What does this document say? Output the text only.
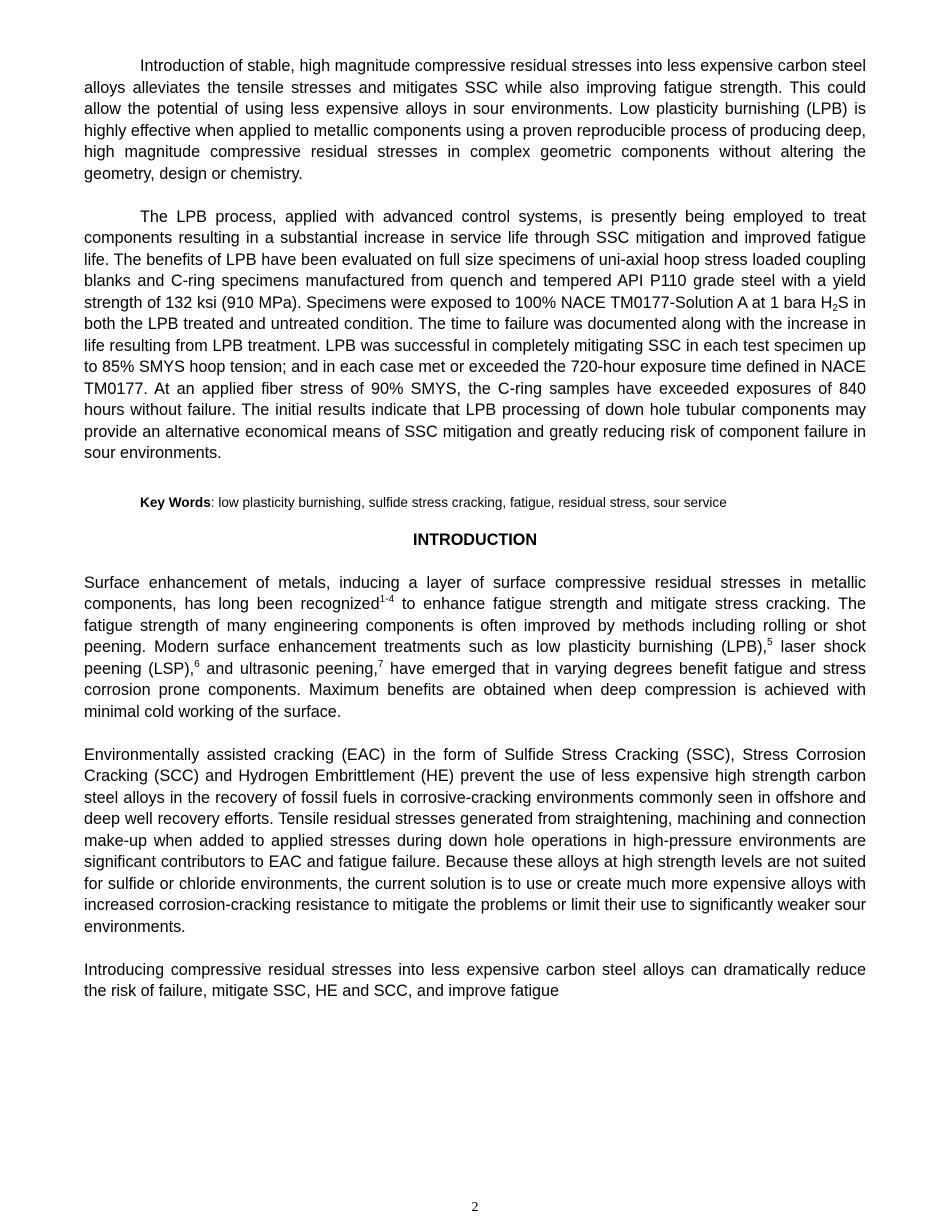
Introduction of stable, high magnitude compressive residual stresses into less expensive carbon steel alloys alleviates the tensile stresses and mitigates SSC while also improving fatigue strength. This could allow the potential of using less expensive alloys in sour environments. Low plasticity burnishing (LPB) is highly effective when applied to metallic components using a proven reproducible process of producing deep, high magnitude compressive residual stresses in complex geometric components without altering the geometry, design or chemistry.

The LPB process, applied with advanced control systems, is presently being employed to treat components resulting in a substantial increase in service life through SSC mitigation and improved fatigue life. The benefits of LPB have been evaluated on full size specimens of uni-axial hoop stress loaded coupling blanks and C-ring specimens manufactured from quench and tempered API P110 grade steel with a yield strength of 132 ksi (910 MPa). Specimens were exposed to 100% NACE TM0177-Solution A at 1 bara $H_2S$ in both the LPB treated and untreated condition. The time to failure was documented along with the increase in life resulting from LPB treatment. LPB was successful in completely mitigating SSC in each test specimen up to 85% SMYS hoop tension; and in each case met or exceeded the 720-hour exposure time defined in NACE TM0177. At an applied fiber stress of 90% SMYS, the C-ring samples have exceeded exposures of 840 hours without failure. The initial results indicate that LPB processing of down hole tubular components may provide an alternative economical means of SSC mitigation and greatly reducing risk of component failure in sour environments.

Key Words: low plasticity burnishing, sulfide stress cracking, fatigue, residual stress, sour service
INTRODUCTION

Surface enhancement of metals, inducing a layer of surface compressive residual stresses in metallic components, has long been recognized$^{1-4}$ to enhance fatigue strength and mitigate stress cracking. The fatigue strength of many engineering components is often improved by methods including rolling or shot peening. Modern surface enhancement treatments such as low plasticity burnishing (LPB),$^5$ laser shock peening (LSP),$^6$ and ultrasonic peening,$^7$ have emerged that in varying degrees benefit fatigue and stress corrosion prone components. Maximum benefits are obtained when deep compression is achieved with minimal cold working of the surface.

Environmentally assisted cracking (EAC) in the form of Sulfide Stress Cracking (SSC), Stress Corrosion Cracking (SCC) and Hydrogen Embrittlement (HE) prevent the use of less expensive high strength carbon steel alloys in the recovery of fossil fuels in corrosive-cracking environments commonly seen in offshore and deep well recovery efforts. Tensile residual stresses generated from straightening, machining and connection make-up when added to applied stresses during down hole operations in high-pressure environments are significant contributors to EAC and fatigue failure. Because these alloys at high strength levels are not suited for sulfide or chloride environments, the current solution is to use or create much more expensive alloys with increased corrosion-cracking resistance to mitigate the problems or limit their use to significantly weaker sour environments.

Introducing compressive residual stresses into less expensive carbon steel alloys can dramatically reduce the risk of failure, mitigate SSC, HE and SCC, and improve fatigue

2
